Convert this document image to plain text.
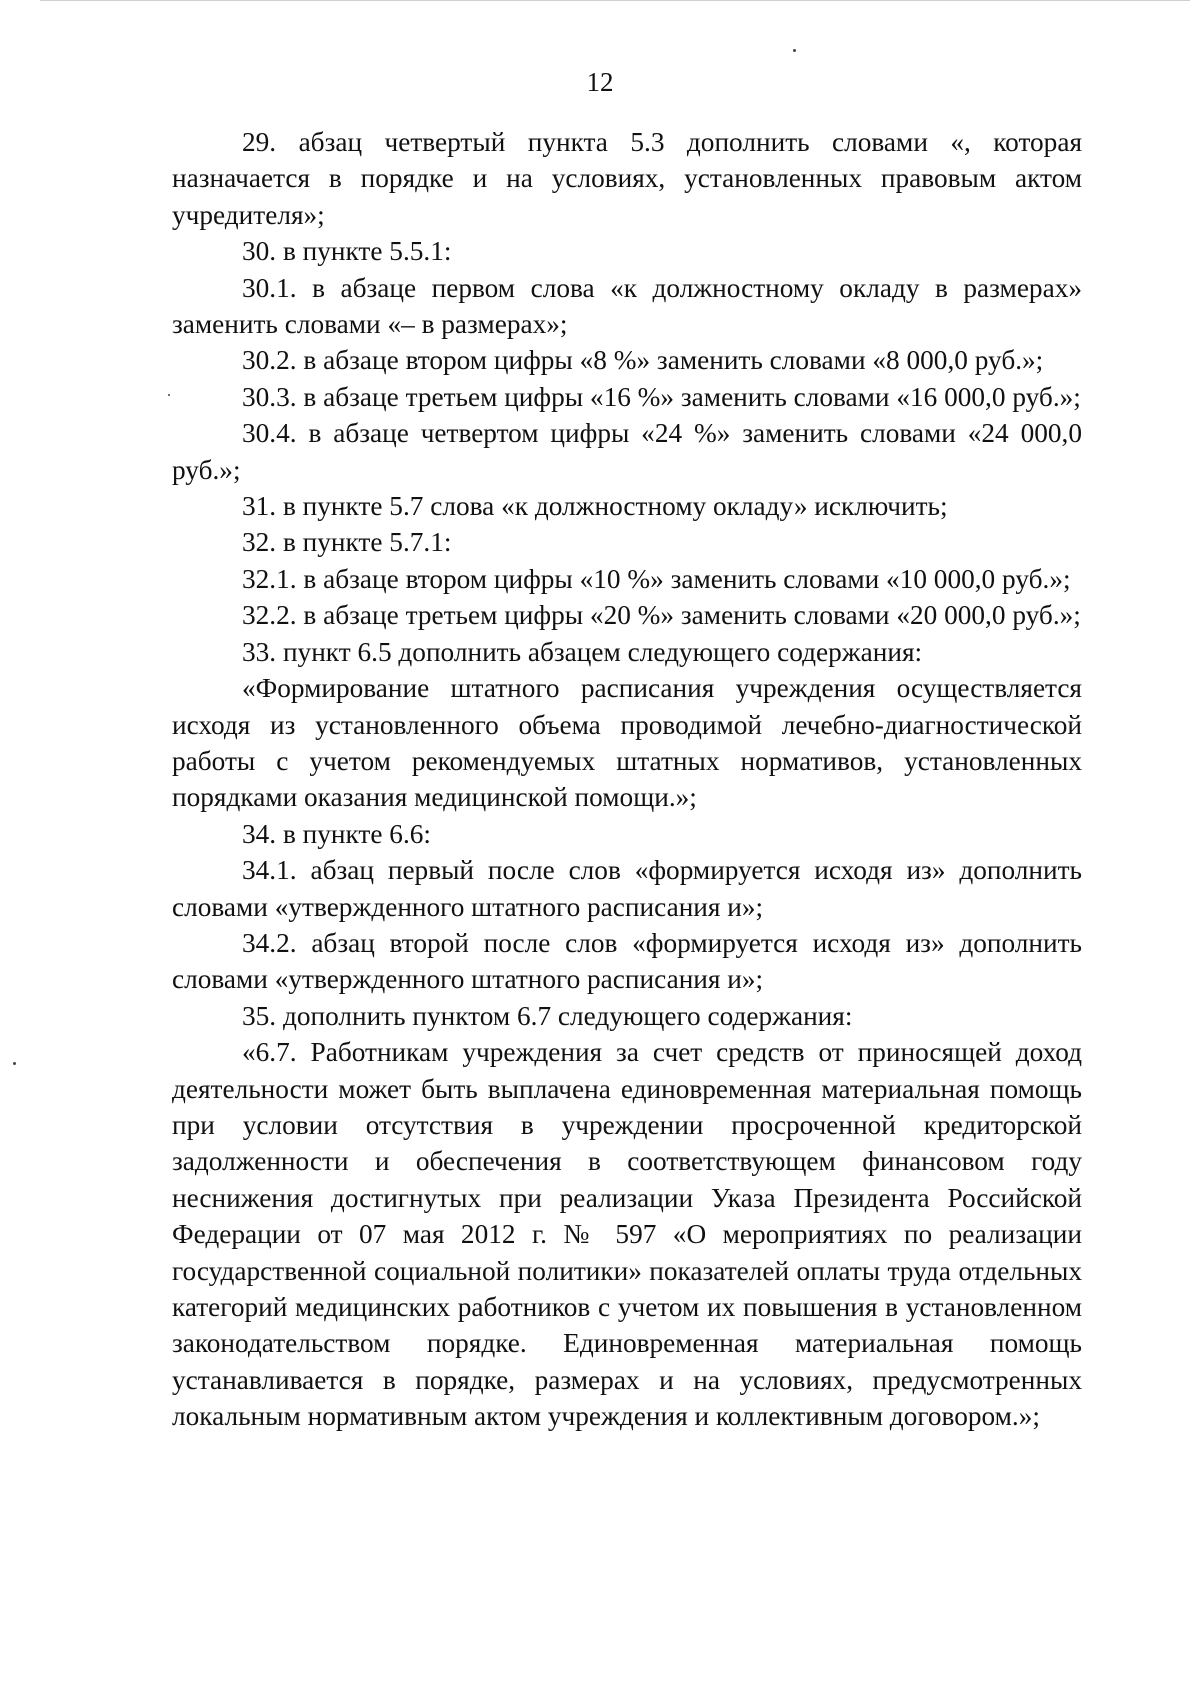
12

29. абзац четвертый пункта 5.3 дополнить словами «, которая назначается в порядке и на условиях, установленных правовым актом учредителя»;

30. в пункте 5.5.1:

30.1. в абзаце первом слова «к должностному окладу в размерах» заменить словами «– в размерах»;

30.2. в абзаце втором цифры «8 %» заменить словами «8 000,0 руб.»;

30.3. в абзаце третьем цифры «16 %» заменить словами «16 000,0 руб.»;

30.4. в абзаце четвертом цифры «24 %» заменить словами «24 000,0 руб.»;

31. в пункте 5.7 слова «к должностному окладу» исключить;

32. в пункте 5.7.1:

32.1. в абзаце втором цифры «10 %» заменить словами «10 000,0 руб.»;

32.2. в абзаце третьем цифры «20 %» заменить словами «20 000,0 руб.»;

33. пункт 6.5 дополнить абзацем следующего содержания:

«Формирование штатного расписания учреждения осуществляется исходя из установленного объема проводимой лечебно-диагностической работы с учетом рекомендуемых штатных нормативов, установленных порядками оказания медицинской помощи.»;

34. в пункте 6.6:

34.1. абзац первый после слов «формируется исходя из» дополнить словами «утвержденного штатного расписания и»;

34.2. абзац второй после слов «формируется исходя из» дополнить словами «утвержденного штатного расписания и»;

35. дополнить пунктом 6.7 следующего содержания:

«6.7. Работникам учреждения за счет средств от приносящей доход деятельности может быть выплачена единовременная материальная помощь при условии отсутствия в учреждении просроченной кредиторской задолженности и обеспечения в соответствующем финансовом году неснижения достигнутых при реализации Указа Президента Российской Федерации от 07 мая 2012 г. № 597 «О мероприятиях по реализации государственной социальной политики» показателей оплаты труда отдельных категорий медицинских работников с учетом их повышения в установленном законодательством порядке. Единовременная материальная помощь устанавливается в порядке, размерах и на условиях, предусмотренных локальным нормативным актом учреждения и коллективным договором.»;
